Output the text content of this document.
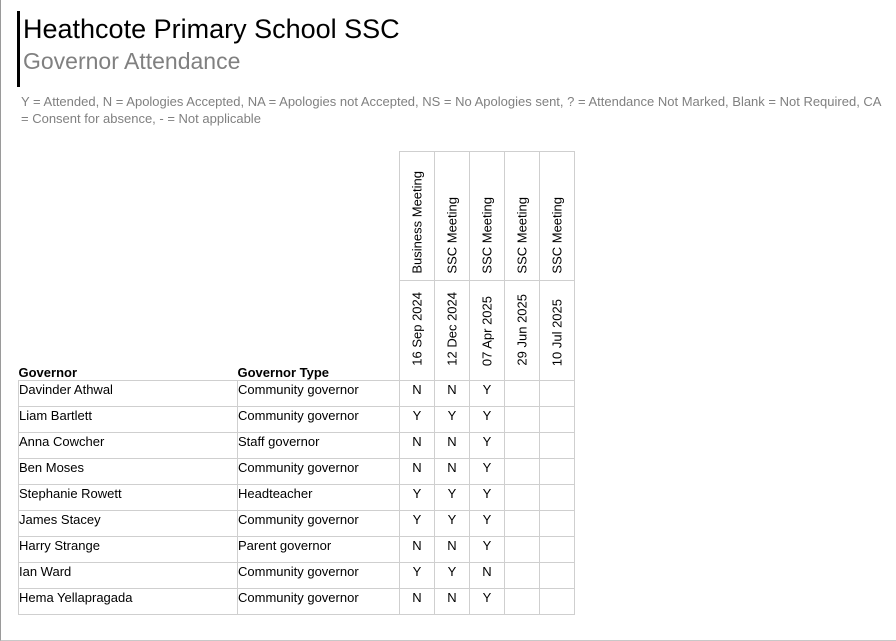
Heathcote Primary School SSC
Governor Attendance
Y = Attended, N = Apologies Accepted, NA = Apologies not Accepted, NS = No Apologies sent, ? = Attendance Not Marked, Blank = Not Required, CA = Consent for absence, - = Not applicable

		Business Meeting	SSC Meeting	SSC Meeting	SSC Meeting	SSC Meeting

Governor	Governor Type	16 Sep 2024	12 Dec 2024	07 Apr 2025	29 Jun 2025	10 Jul 2025

Davinder Athwal	Community governor	N	N	Y		
Liam Bartlett	Community governor	Y	Y	Y		
Anna Cowcher	Staff governor	N	N	Y		
Ben Moses	Community governor	N	N	Y		
Stephanie Rowett	Headteacher	Y	Y	Y		
James Stacey	Community governor	Y	Y	Y		
Harry Strange	Parent governor	N	N	Y		
Ian Ward	Community governor	Y	Y	N		
Hema Yellapragada	Community governor	N	N	Y		
